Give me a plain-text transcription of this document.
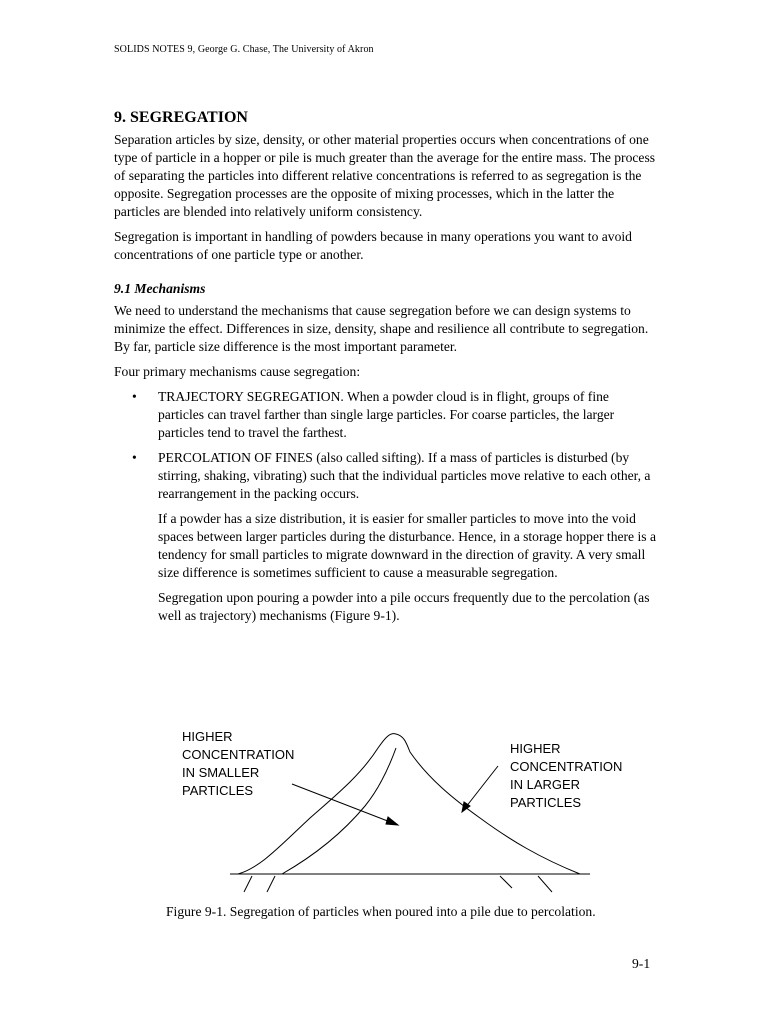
SOLIDS NOTES 9, George G. Chase, The University of Akron
9. SEGREGATION

Separation articles by size, density, or other material properties occurs when concentrations of one type of particle in a hopper or pile is much greater than the average for the entire mass. The process of separating the particles into different relative concentrations is referred to as segregation is the opposite. Segregation processes are the opposite of mixing processes, which in the latter the particles are blended into relatively uniform consistency.

Segregation is important in handling of powders because in many operations you want to avoid concentrations of one particle type or another.

9.1 Mechanisms

We need to understand the mechanisms that cause segregation before we can design systems to minimize the effect. Differences in size, density, shape and resilience all contribute to segregation. By far, particle size difference is the most important parameter.

Four primary mechanisms cause segregation:

• TRAJECTORY SEGREGATION. When a powder cloud is in flight, groups of fine particles can travel farther than single large particles. For coarse particles, the larger particles tend to travel the farthest.
• PERCOLATION OF FINES (also called sifting). If a mass of particles is disturbed (by stirring, shaking, vibrating) such that the individual particles move relative to each other, a rearrangement in the packing occurs.

If a powder has a size distribution, it is easier for smaller particles to move into the void spaces between larger particles during the disturbance. Hence, in a storage hopper there is a tendency for small particles to migrate downward in the direction of gravity. A very small size difference is sometimes sufficient to cause a measurable segregation.

Segregation upon pouring a powder into a pile occurs frequently due to the percolation (as well as trajectory) mechanisms (Figure 9-1).

HIGHER
CONCENTRATION
IN SMALLER
PARTICLES
HIGHER
CONCENTRATION
IN LARGER
PARTICLES
Figure 9-1. Segregation of particles when poured into a pile due to percolation.
9-1
